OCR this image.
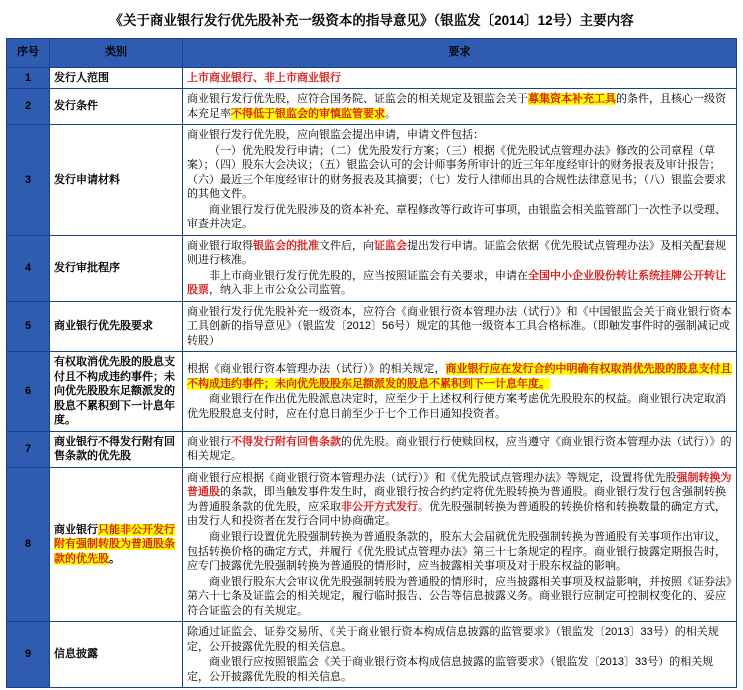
《关于商业银行发行优先股补充一级资本的指导意见》（银监发〔2014〕12号）主要内容
序号	类别	要求
1	发行人范围	上市商业银行、非上市商业银行

2	发行条件	商业银行发行优先股，应符合国务院、证监会的相关规定及银监会关于募集资本补充工具的条件，且核心一级资本充足率不得低于银监会的审慎监管要求。

3	发行申请材料	商业银行发行优先股，应向银监会提出申请，申请文件包括：
（一）优先股发行申请；（二）优先股发行方案；（三）根据《优先股试点管理办法》修改的公司章程（草案）；（四）股东大会决议；（五）银监会认可的会计师事务所审计的近三年年度经审计的财务报表及审计报告；（六）最近三个年度经审计的财务报表及其摘要；（七）发行人律师出具的合规性法律意见书；（八）银监会要求的其他文件。
商业银行发行优先股涉及的资本补充、章程修改等行政许可事项，由银监会相关监管部门一次性予以受理、审查并决定。

4	发行审批程序	商业银行取得银监会的批准文件后，向证监会提出发行申请。证监会依据《优先股试点管理办法》及相关配套规则进行核准。
非上市商业银行发行优先股的，应当按照证监会有关要求，申请在全国中小企业股份转让系统挂牌公开转让股票，纳入非上市公众公司监管。

5	商业银行优先股要求	商业银行发行优先股补充一级资本，应符合《商业银行资本管理办法（试行）》和《中国银监会关于商业银行资本工具创新的指导意见》（银监发〔2012〕56号）规定的其他一级资本工具合格标准。（即触发事件时的强制减记或转股）

6	有权取消优先股的股息支付且不构成违约事件；未向优先股股东足额派发的股息不累积到下一计息年度。	根据《商业银行资本管理办法（试行）》的相关规定，商业银行应在发行合约中明确有权取消优先股的股息支付且不构成违约事件；未向优先股股东足额派发的股息不累积到下一计息年度。
商业银行在作出优先股派息决定时，应至少于上述权利行使方案考虑优先股股东的权益。商业银行决定取消优先股股息支付时，应在付息日前至少于七个工作日通知投资者。

7	商业银行不得发行附有回售条款的优先股	商业银行不得发行附有回售条款的优先股。商业银行行使赎回权，应当遵守《商业银行资本管理办法（试行）》的相关规定。

8	商业银行只能非公开发行附有强制转股为普通股条款的优先股。	商业银行应根据《商业银行资本管理办法（试行）》和《优先股试点管理办法》等规定，设置将优先股强制转换为普通股的条款，即当触发事件发生时，商业银行按合约约定将优先股转换为普通股。商业银行发行包含强制转换为普通股条款的优先股，应采取非公开方式发行。优先股强制转换为普通股的转换价格和转换数量的确定方式，由发行人和投资者在发行合同中协商确定。
商业银行设置优先股强制转换为普通股条款的，股东大会届就优先股强制转换为普通股有关事项作出审议，包括转换价格的确定方式，并履行《优先股试点管理办法》第三十七条规定的程序。商业银行披露定期报告时，应专门披露优先股强制转换为普通股的情形时，应当披露相关事项及对于股东权益的影响。
商业银行股东大会审议优先股强制转股为普通股的情形时，应当披露相关事项及权益影响，并按照《证券法》第六十七条及证监会的相关规定，履行临时报告、公告等信息披露义务。商业银行应制定可控制权变化的、妥应符合证监会的有关规定。

9	信息披露	除通过证监会、证券交易所、《关于商业银行资本构成信息披露的监管要求》（银监发〔2013〕33号）的相关规定，公开披露优先股的相关信息。
商业银行应按照银监会《关于商业银行资本构成信息披露的监管要求》（银监发〔2013〕33号）的相关规定，公开披露优先股的相关信息。
